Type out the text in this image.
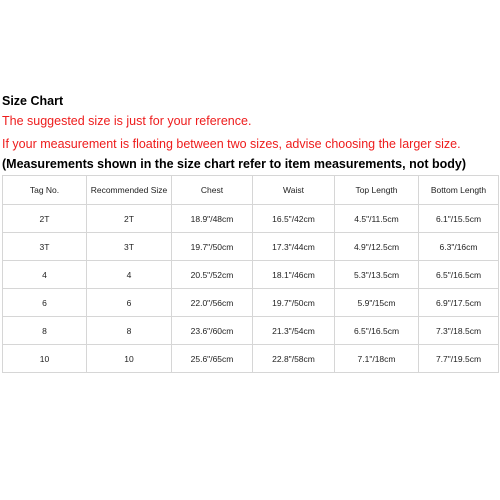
Size Chart
The suggested size is just for your reference.
If your measurement is floating between two sizes, advise choosing the larger size.
(Measurements shown in the size chart refer to item measurements, not body)
Tag No.	Recommended Size	Chest	Waist	Top Length	Bottom Length
2T	2T	18.9"/48cm	16.5"/42cm	4.5"/11.5cm	6.1"/15.5cm
3T	3T	19.7"/50cm	17.3"/44cm	4.9"/12.5cm	6.3"/16cm
4	4	20.5"/52cm	18.1"/46cm	5.3"/13.5cm	6.5"/16.5cm
6	6	22.0"/56cm	19.7"/50cm	5.9"/15cm	6.9"/17.5cm
8	8	23.6"/60cm	21.3"/54cm	6.5"/16.5cm	7.3"/18.5cm
10	10	25.6"/65cm	22.8"/58cm	7.1"/18cm	7.7"/19.5cm
